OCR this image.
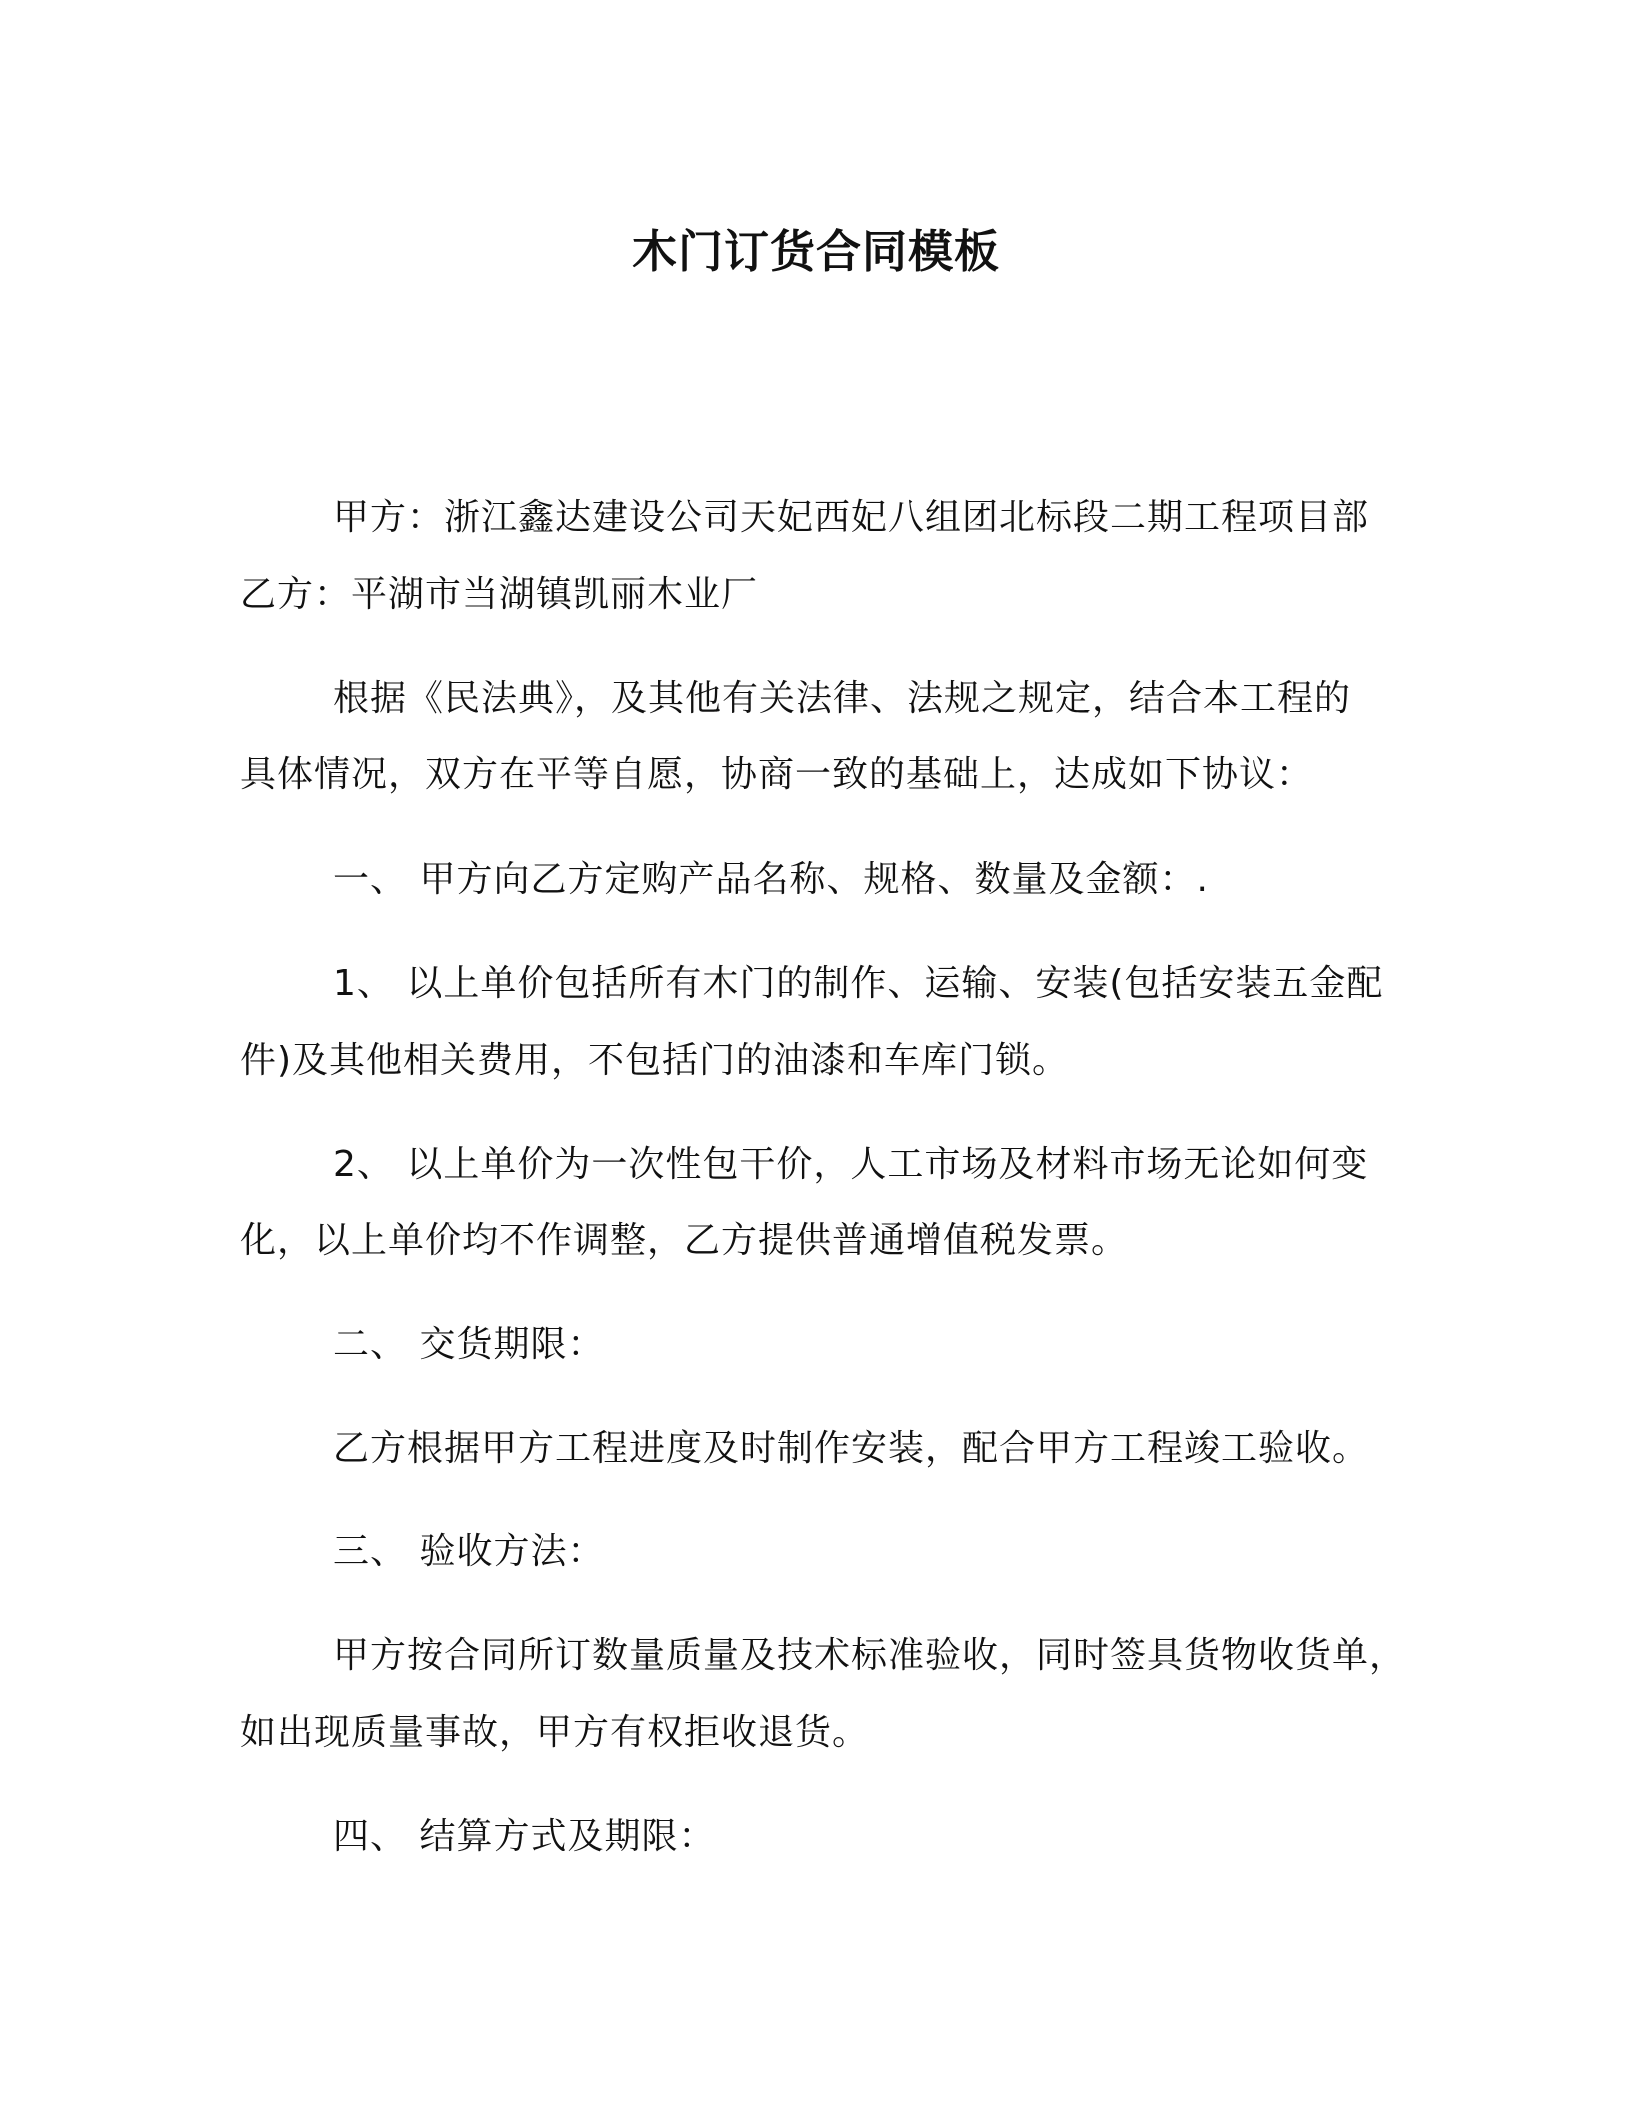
木门订货合同模板
甲方：浙江鑫达建设公司天妃西妃八组团北标段二期工程项目部
乙方：平湖市当湖镇凯丽木业厂
根据《民法典》，及其他有关法律、法规之规定，结合本工程的
具体情况，双方在平等自愿，协商一致的基础上，达成如下协议：
一、 甲方向乙方定购产品名称、规格、数量及金额：.
1、 以上单价包括所有木门的制作、运输、安装(包括安装五金配
件)及其他相关费用，不包括门的油漆和车库门锁。
2、 以上单价为一次性包干价，人工市场及材料市场无论如何变
化，以上单价均不作调整，乙方提供普通增值税发票。
二、 交货期限：
乙方根据甲方工程进度及时制作安装，配合甲方工程竣工验收。
三、 验收方法：
甲方按合同所订数量质量及技术标准验收，同时签具货物收货单，
如出现质量事故，甲方有权拒收退货。
四、 结算方式及期限：
